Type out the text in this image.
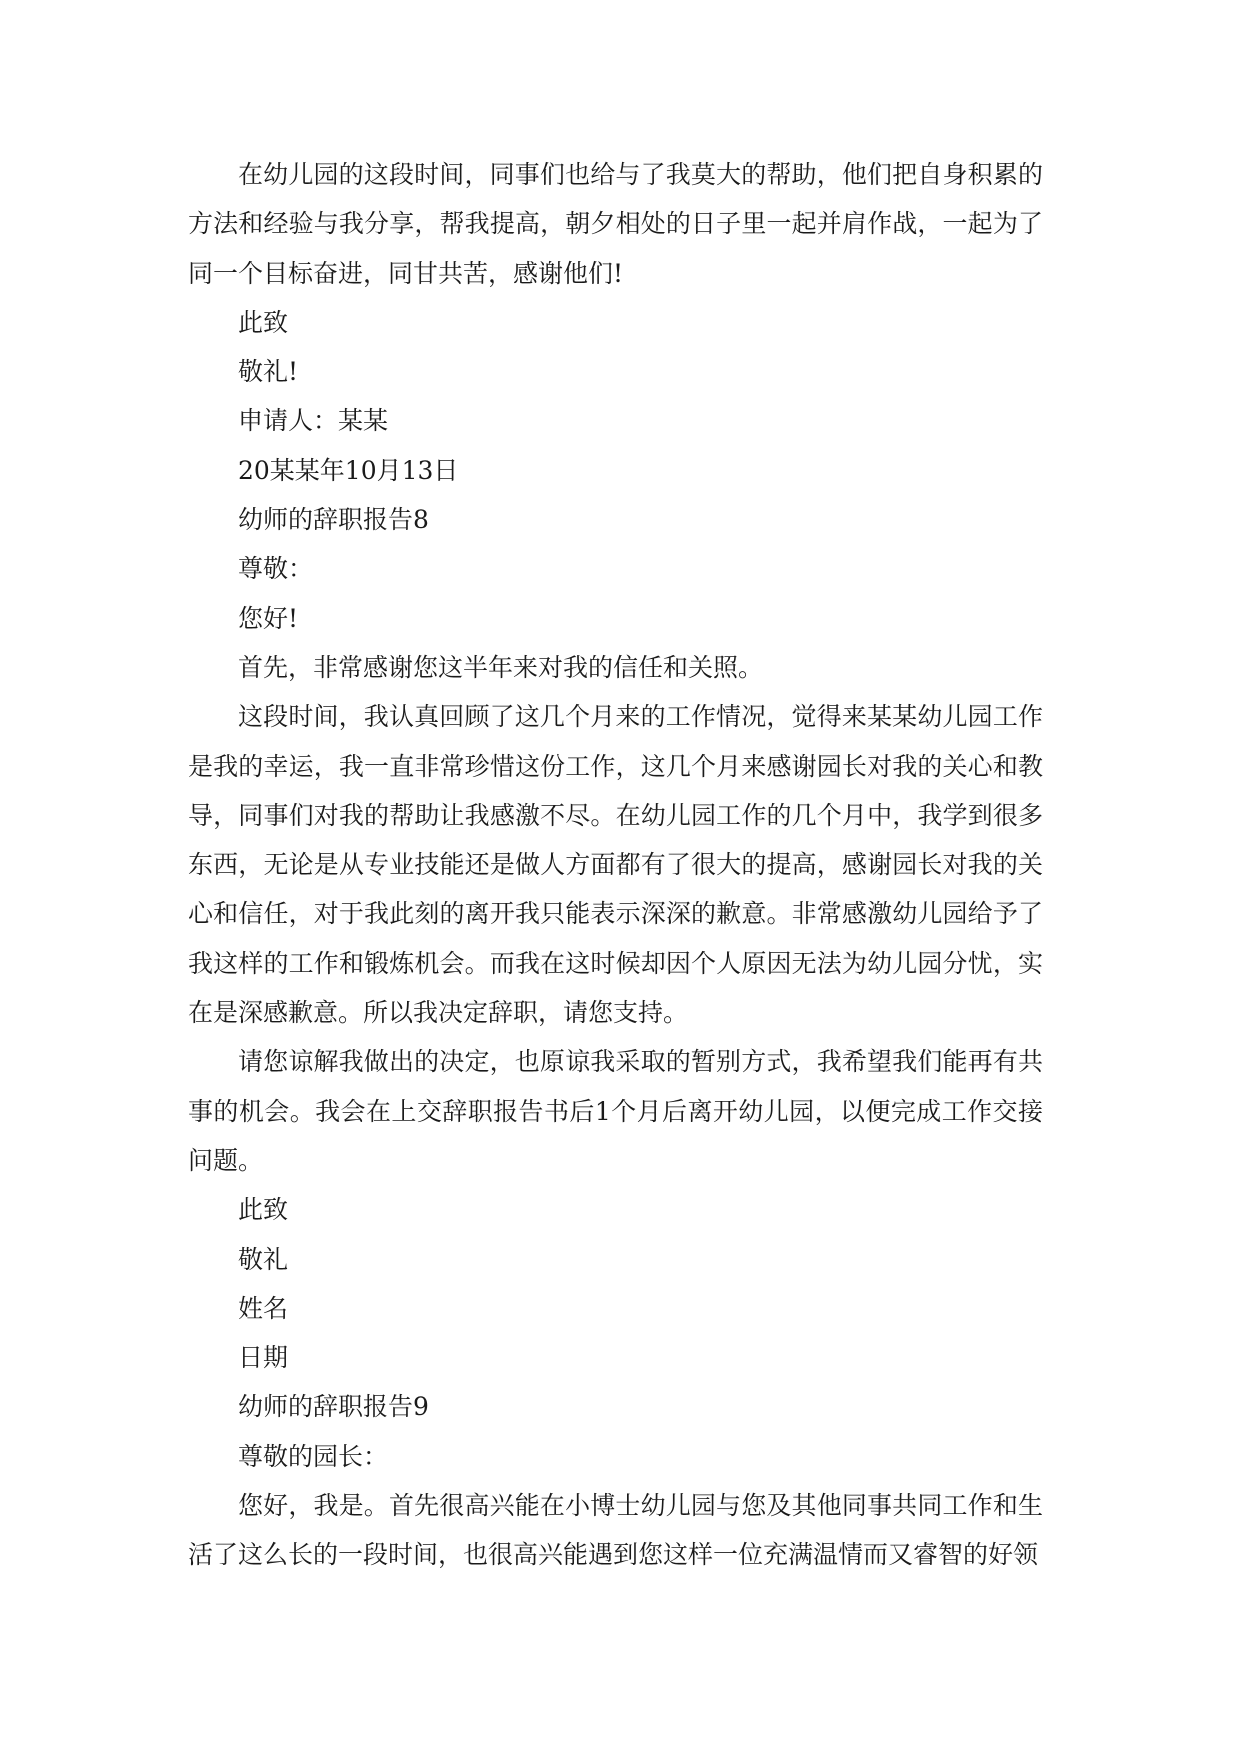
在幼儿园的这段时间，同事们也给与了我莫大的帮助，他们把自身积累的方法和经验与我分享，帮我提高，朝夕相处的日子里一起并肩作战，一起为了同一个目标奋进，同甘共苦，感谢他们!

此致

敬礼!

申请人：某某

20某某年10月13日

幼师的辞职报告8

尊敬：

您好!

首先，非常感谢您这半年来对我的信任和关照。

这段时间，我认真回顾了这几个月来的工作情况，觉得来某某幼儿园工作是我的幸运，我一直非常珍惜这份工作，这几个月来感谢园长对我的关心和教导，同事们对我的帮助让我感激不尽。在幼儿园工作的几个月中，我学到很多东西，无论是从专业技能还是做人方面都有了很大的提高，感谢园长对我的关心和信任，对于我此刻的离开我只能表示深深的歉意。非常感激幼儿园给予了我这样的工作和锻炼机会。而我在这时候却因个人原因无法为幼儿园分忧，实在是深感歉意。所以我决定辞职，请您支持。

请您谅解我做出的决定，也原谅我采取的暂别方式，我希望我们能再有共事的机会。我会在上交辞职报告书后1个月后离开幼儿园，以便完成工作交接问题。

此致

敬礼

姓名

日期

幼师的辞职报告9

尊敬的园长：

您好，我是。首先很高兴能在小博士幼儿园与您及其他同事共同工作和生活了这么长的一段时间，也很高兴能遇到您这样一位充满温情而又睿智的好领
